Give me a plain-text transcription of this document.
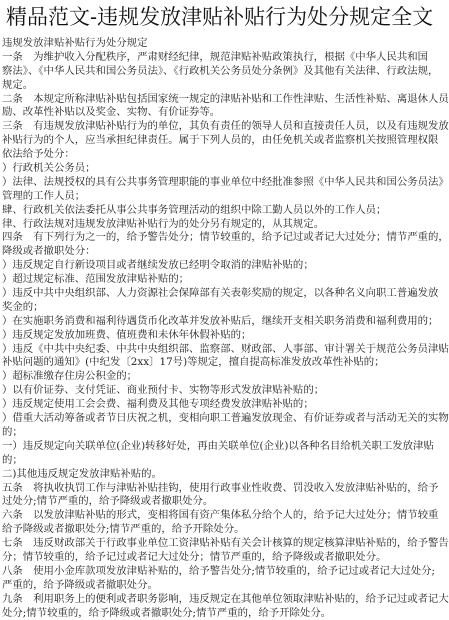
精品范文-违规发放津贴补贴行为处分规定全文
违规发放津贴补贴行为处分规定
一条　为维护收入分配秩序，严肃财经纪律，规范津贴补贴政策执行，根据《中华人民共和国
察法》、《中华人民共和国公务员法》、《行政机关公务员处分条例》及其他有关法律、行政法规，
规定。
二条　本规定所称津贴补贴包括国家统一规定的津贴补贴和工作性津贴、生活性补贴、离退休人员
励、改革性补贴以及奖金、实物、有价证券等。
三条　有违规发放津贴补贴行为的单位，其负有责任的领导人员和直接责任人员，以及有违规发放
补贴行为的个人，应当承担纪律责任。属于下列人员的，由任免机关或者监察机关按照管理权限
依法给予处分：
）行政机关公务员；
）法律、法规授权的具有公共事务管理职能的事业单位中经批准参照《中华人民共和国公务员法》
管理的工作人员；
肆、行政机关依法委托从事公共事务管理活动的组织中除工勤人员以外的工作人员；
律、行政法规对违规发放津贴补贴行为的处分另有规定的，从其规定。
四条　有下列行为之一的，给予警告处分；情节较重的，给予记过或者记大过处分；情节严重的，
降级或者撤职处分：
）违反规定自行新设项目或者继续发放已经明令取消的津贴补贴的；
）超过规定标准、范围发放津贴补贴的；
）违反中共中央组织部、人力资源社会保障部有关表彰奖励的规定，以各种名义向职工普遍发放
奖金的；
）在实施职务消费和福利待遇货币化改革并发放补贴后，继续开支相关职务消费和福利费用的；
）违反规定发放加班费、值班费和未休年休假补贴的；
）违反《中共中央纪委、中共中央组织部、监察部、财政部、人事部、审计署关于规范公务员津贴
补贴问题的通知》(中纪发〔2xx〕17号)等规定，擅自提高标准发放改革性补贴的；
）超标准缴存住房公积金的；
）以有价证券、支付凭证、商业预付卡、实物等形式发放津贴补贴的；
）违反规定使用工会会费、福利费及其他专项经费发放津贴补贴的；
）借重大活动筹备或者节日庆祝之机，变相向职工普遍发放现金、有价证券或者与活动无关的实物
的；
一）违反规定向关联单位(企业)转移好处，再由关联单位(企业)以各种名目给机关职工发放津贴
的；
二)其他违反规定发放津贴补贴的。
五条　将执收执罚工作与津贴补贴挂钩，使用行政事业性收费、罚没收入发放津贴补贴的，给予
过处分;情节严重的，给予降级或者撤职处分。
六条　以发放津贴补贴的形式，变相将国有资产集体私分给个人的，给予记大过处分；情节较重
给予降级或者撤职处分;情节严重的，给予开除处分。
七条　违反财政部关于行政事业单位工资津贴补贴有关会计核算的规定核算津贴补贴的，给予警告
分；情节较重的，给予记过或者记大过处分；情节严重的，给予降级或者撤职处分。
八条　使用小金库款项发放津贴补贴的，给予警告处分;情节较重的，给予记过或者记大过处分;
严重的，给予降级或者撤职处分。
九条　利用职务上的便利或者职务影响，违反规定在其他单位领取津贴补贴的，给予记过或者记大
处分;情节较重的，给予降级或者撤职处分;情节严重的，给予开除处分。
